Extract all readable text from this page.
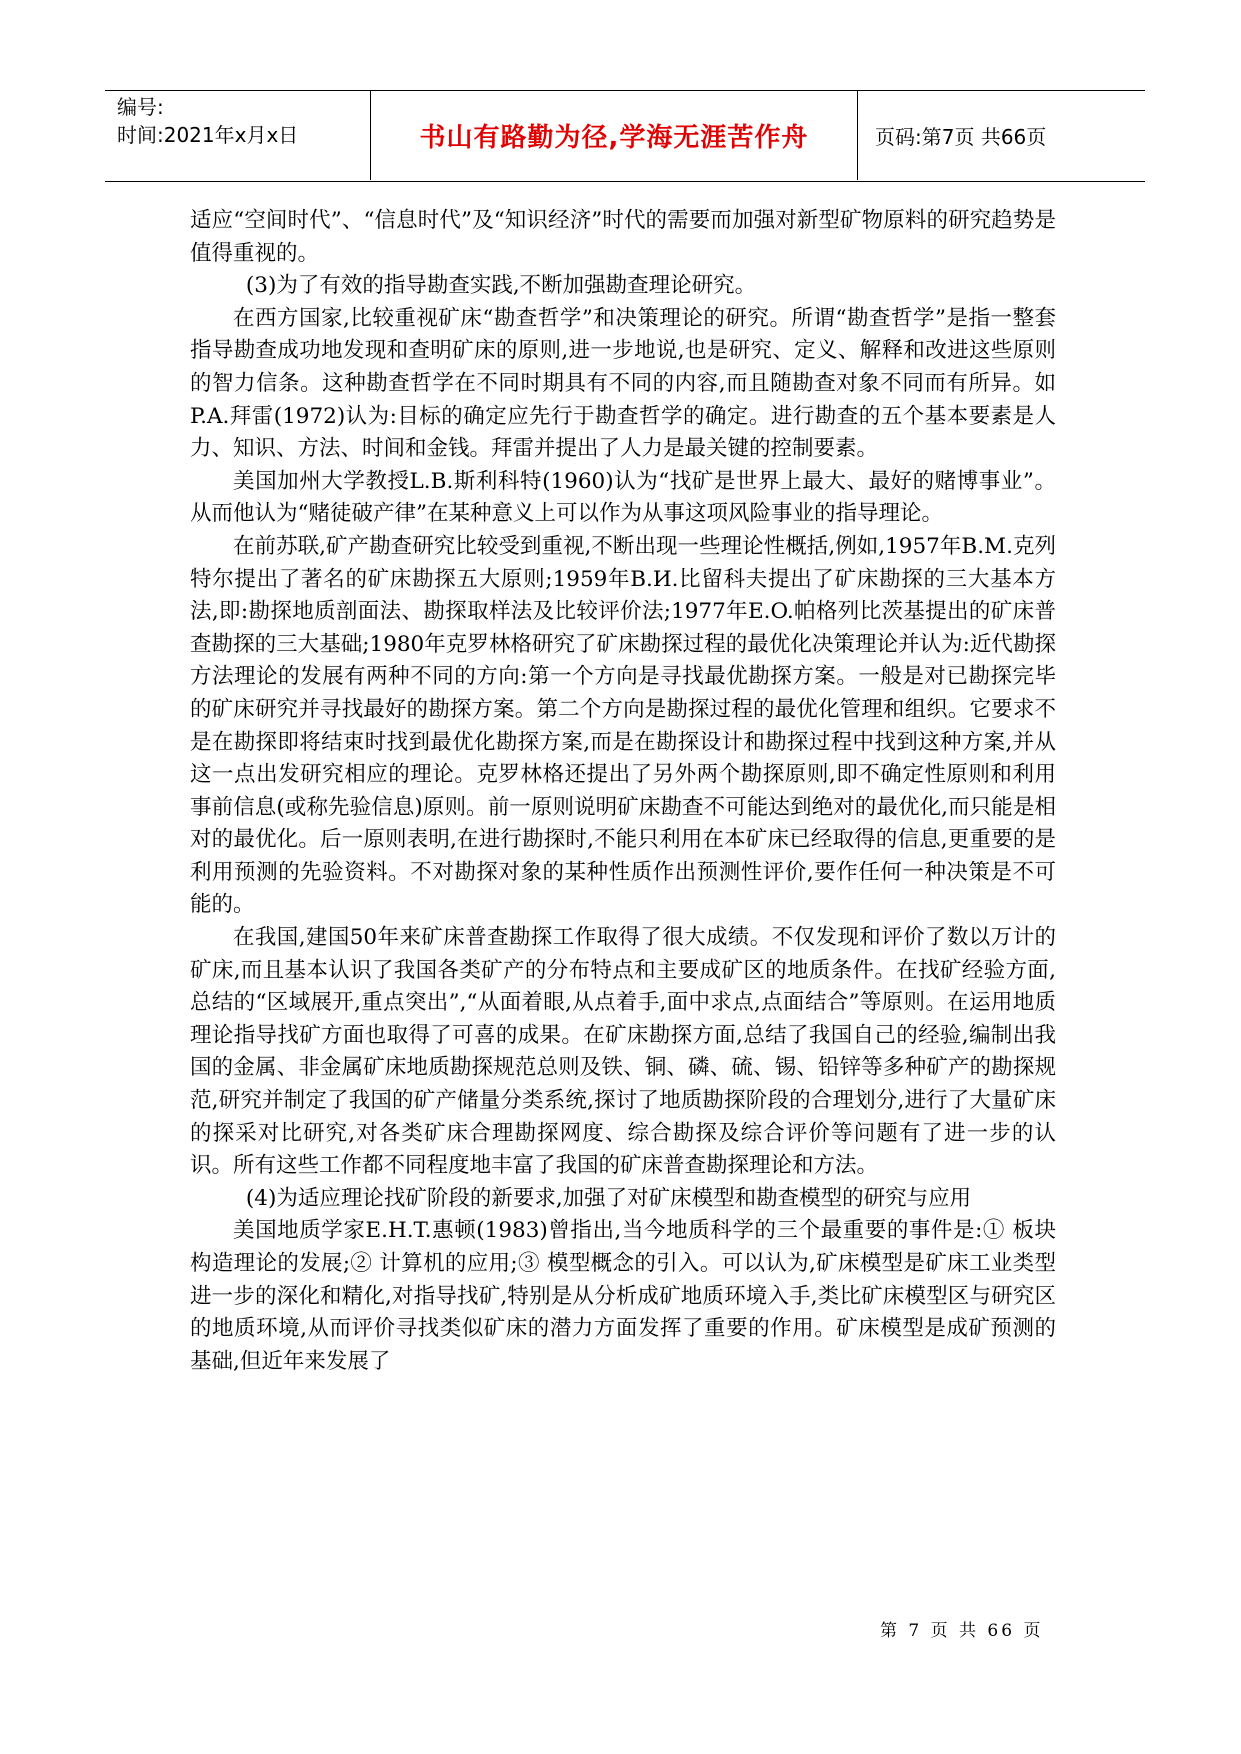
编号:
时间:2021年x月x日	书山有路勤为径,学海无涯苦作舟	页码:第7页 共66页

适应“空间时代”、“信息时代”及“知识经济”时代的需要而加强对新型矿物原料的研究趋势是值得重视的。

(3)为了有效的指导勘查实践,不断加强勘查理论研究。

在西方国家,比较重视矿床“勘查哲学”和决策理论的研究。所谓“勘查哲学”是指一整套指导勘查成功地发现和查明矿床的原则,进一步地说,也是研究、定义、解释和改进这些原则的智力信条。这种勘查哲学在不同时期具有不同的内容,而且随勘查对象不同而有所异。如P.A.拜雷(1972)认为:目标的确定应先行于勘查哲学的确定。进行勘查的五个基本要素是人力、知识、方法、时间和金钱。拜雷并提出了人力是最关键的控制要素。

美国加州大学教授L.B.斯利科特(1960)认为“找矿是世界上最大、最好的赌博事业”。从而他认为“赌徒破产律”在某种意义上可以作为从事这项风险事业的指导理论。

在前苏联,矿产勘查研究比较受到重视,不断出现一些理论性概括,例如,1957年B.M.克列特尔提出了著名的矿床勘探五大原则;1959年B.И.比留科夫提出了矿床勘探的三大基本方法,即:勘探地质剖面法、勘探取样法及比较评价法;1977年E.O.帕格列比茨基提出的矿床普查勘探的三大基础;1980年克罗林格研究了矿床勘探过程的最优化决策理论并认为:近代勘探方法理论的发展有两种不同的方向:第一个方向是寻找最优勘探方案。一般是对已勘探完毕的矿床研究并寻找最好的勘探方案。第二个方向是勘探过程的最优化管理和组织。它要求不是在勘探即将结束时找到最优化勘探方案,而是在勘探设计和勘探过程中找到这种方案,并从这一点出发研究相应的理论。克罗林格还提出了另外两个勘探原则,即不确定性原则和利用事前信息(或称先验信息)原则。前一原则说明矿床勘查不可能达到绝对的最优化,而只能是相对的最优化。后一原则表明,在进行勘探时,不能只利用在本矿床已经取得的信息,更重要的是利用预测的先验资料。不对勘探对象的某种性质作出预测性评价,要作任何一种决策是不可能的。

在我国,建国50年来矿床普查勘探工作取得了很大成绩。不仅发现和评价了数以万计的矿床,而且基本认识了我国各类矿产的分布特点和主要成矿区的地质条件。在找矿经验方面,总结的“区域展开,重点突出”,“从面着眼,从点着手,面中求点,点面结合”等原则。在运用地质理论指导找矿方面也取得了可喜的成果。在矿床勘探方面,总结了我国自己的经验,编制出我国的金属、非金属矿床地质勘探规范总则及铁、铜、磷、硫、锡、铅锌等多种矿产的勘探规范,研究并制定了我国的矿产储量分类系统,探讨了地质勘探阶段的合理划分,进行了大量矿床的探采对比研究,对各类矿床合理勘探网度、综合勘探及综合评价等问题有了进一步的认识。所有这些工作都不同程度地丰富了我国的矿床普查勘探理论和方法。

(4)为适应理论找矿阶段的新要求,加强了对矿床模型和勘查模型的研究与应用

美国地质学家E.H.T.惠顿(1983)曾指出,当今地质科学的三个最重要的事件是:① 板块构造理论的发展;② 计算机的应用;③ 模型概念的引入。可以认为,矿床模型是矿床工业类型进一步的深化和精化,对指导找矿,特别是从分析成矿地质环境入手,类比矿床模型区与研究区的地质环境,从而评价寻找类似矿床的潜力方面发挥了重要的作用。矿床模型是成矿预测的基础,但近年来发展了

第 7 页 共 66 页
